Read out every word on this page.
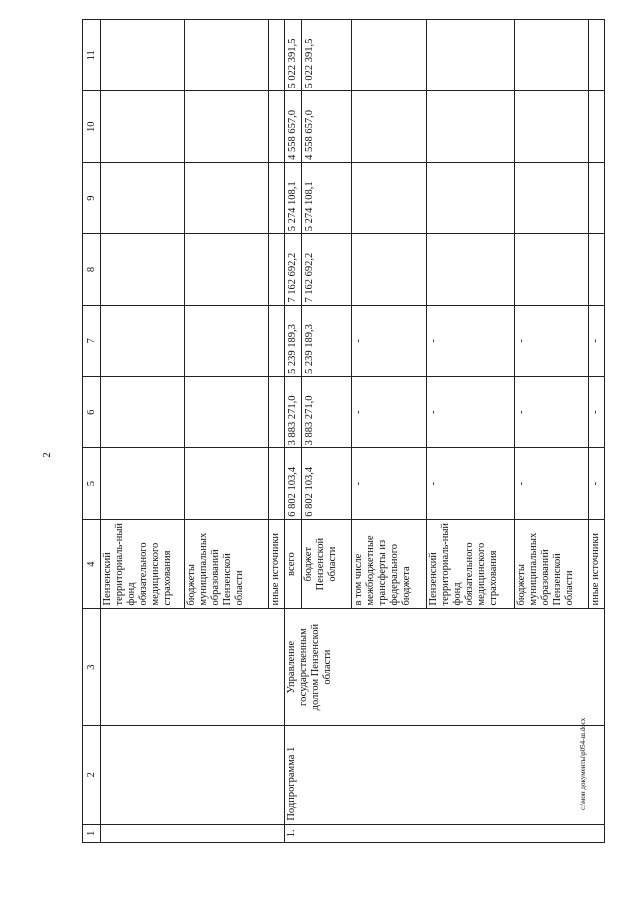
2
1	2	3	4	5	6	7	8	9	10	11
			Пензенский территориаль-ный фонд обязательного медицинского страхования							
			бюджеты муниципальных образований Пензенской области							
			иные источники							
1.	Подпрограмма 1	Управление государственным долгом Пензенской области	всего	6 802 103,4	3 883 271,0	5 239 189,3	7 162 692,2	5 274 108,1	4 558 657,0	5 022 391,5
			бюджет Пензенской области	6 802 103,4	3 883 271,0	5 239 189,3	7 162 692,2	5 274 108,1	4 558 657,0	5 022 391,5
			в том числе межбюджетные трансферты из федерального бюджета	-	-	-				
			Пензенский территориаль-ный фонд обязательного медицинского страхования	-	-	-				
			бюджеты муниципальных образований Пензенской области	-	-	-				
			иные источники	-	-	-				
c:\мои документы\p054-ш.docx
